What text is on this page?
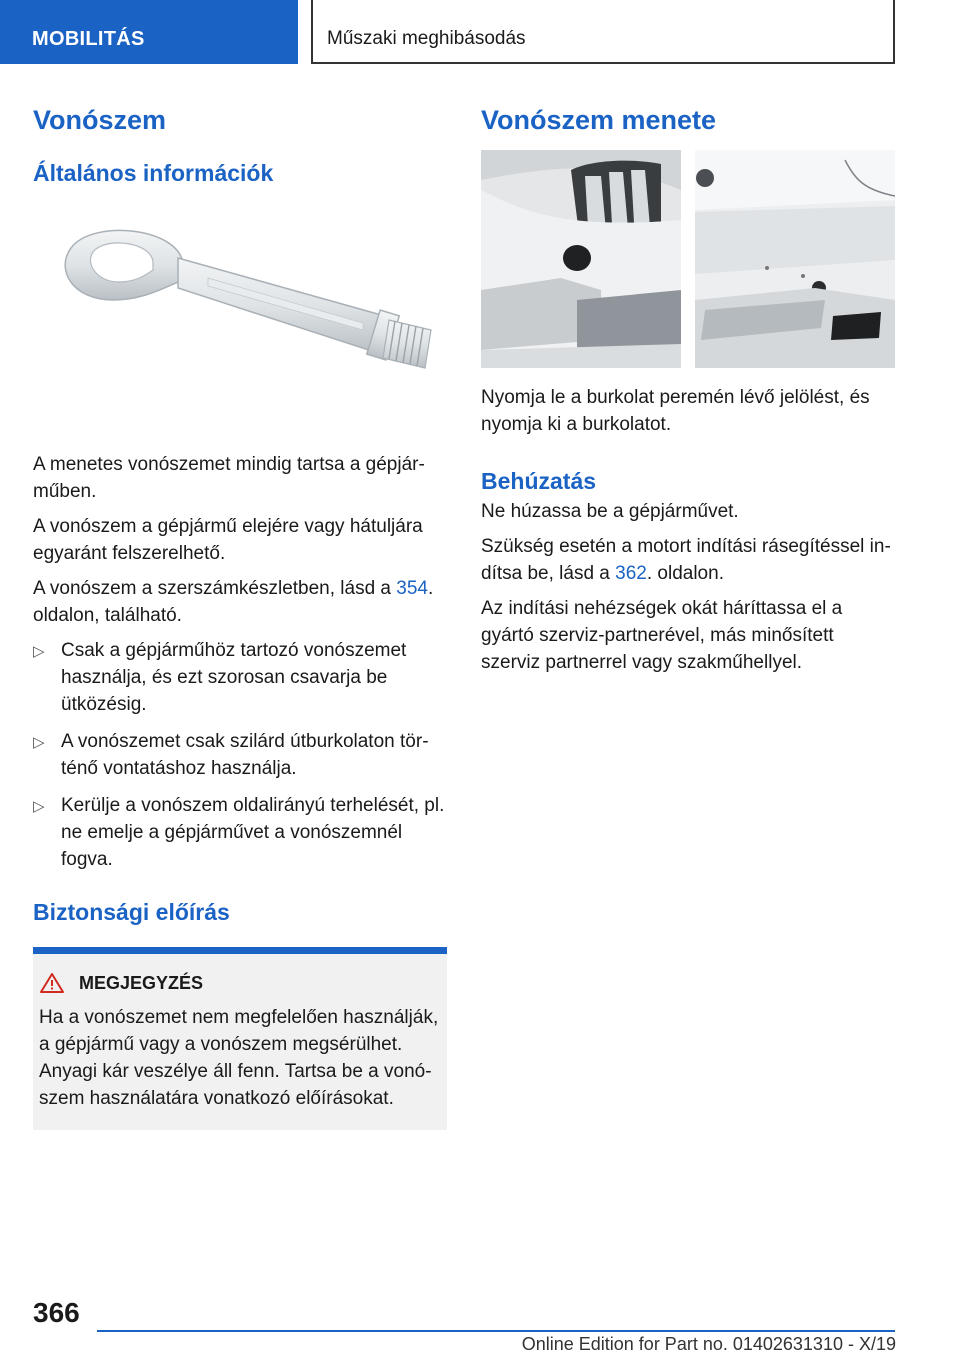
MOBILITÁS	Műszaki meghibásodás
Vonószem
Általános információk

A menetes vonószemet mindig tartsa a gépjárműben.

A vonószem a gépjármű elejére vagy hátuljára egyaránt felszerelhető.

A vonószem a szerszámkészletben, lásd a 354. oldalon, található.

▷ Csak a gépjárműhöz tartozó vonószemet használja, és ezt szorosan csavarja be ütközésig.
▷ A vonószemet csak szilárd útburkolaton történő vontatáshoz használja.
▷ Kerülje a vonószem oldalirányú terhelését, pl. ne emelje a gépjárművet a vonószemnél fogva.
Biztonsági előírás
MEGJEGYZÉS

Ha a vonószemet nem megfelelően használják, a gépjármű vagy a vonószem megsérülhet. Anyagi kár veszélye áll fenn. Tartsa be a vonószem használatára vonatkozó előírásokat.

Vonószem menete

Nyomja le a burkolat peremén lévő jelölést, és nyomja ki a burkolatot.

Behúzatás

Ne húzassa be a gépjárművet.

Szükség esetén a motort indítási rásegítéssel indítsa be, lásd a 362. oldalon.

Az indítási nehézségek okát háríttassa el a gyártó szerviz-partnerével, más minősített szerviz partnerrel vagy szakműhellyel.

366
Online Edition for Part no. 01402631310 - X/19
